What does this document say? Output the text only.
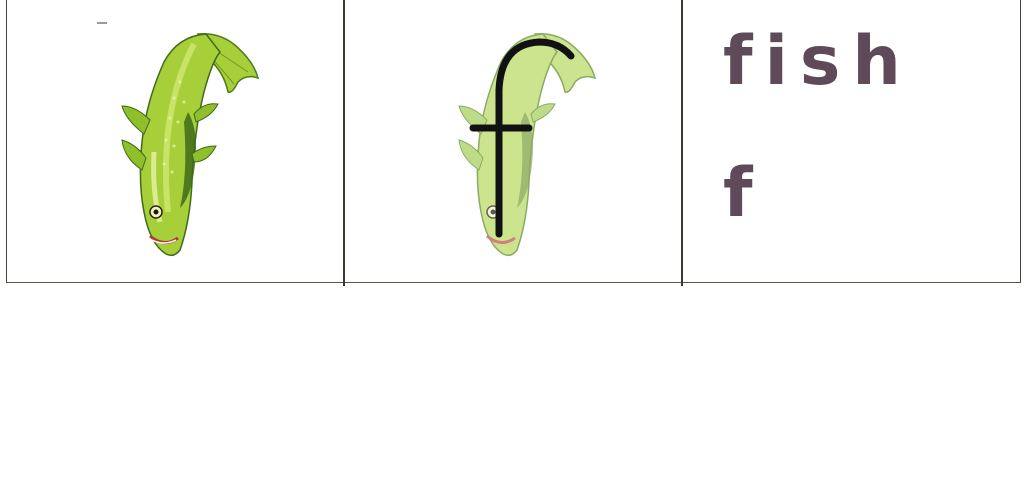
fish
f
